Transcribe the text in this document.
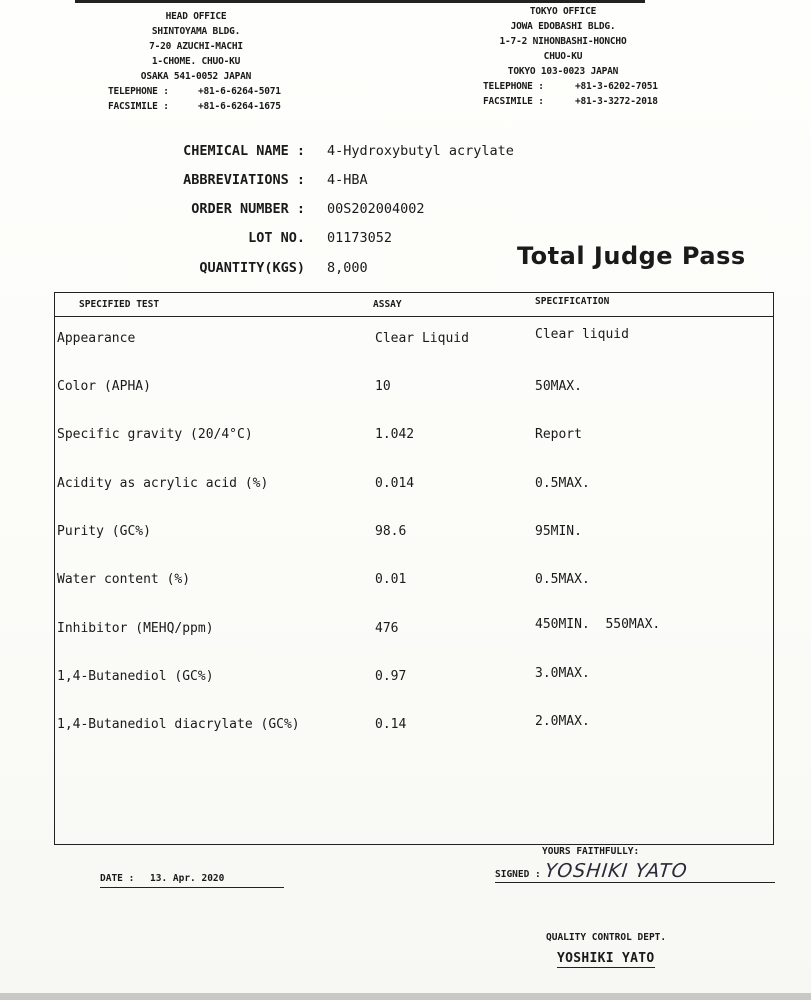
HEAD OFFICE
SHINTOYAMA BLDG.
7-20 AZUCHI-MACHI
1-CHOME. CHUO-KU
OSAKA 541-0052 JAPAN
TELEPHONE :	+81-6-6264-5071
FACSIMILE :	+81-6-6264-1675
TOKYO OFFICE
JOWA EDOBASHI BLDG.
1-7-2 NIHONBASHI-HONCHO
CHUO-KU
TOKYO 103-0023 JAPAN
TELEPHONE :	+81-3-6202-7051
FACSIMILE :	+81-3-3272-2018
CHEMICAL NAME : 4-Hydroxybutyl acrylate
ABBREVIATIONS : 4-HBA
ORDER NUMBER : 00S202004002
LOT NO. 01173052
QUANTITY(KGS) 8,000	Total Judge Pass
SPECIFIED TEST	ASSAY	SPECIFICATION
Appearance	Clear Liquid	Clear liquid
Color (APHA)	10	50MAX.
Specific gravity (20/4°C)	1.042	Report
Acidity as acrylic acid (%)	0.014	0.5MAX.
Purity (GC%)	98.6	95MIN.
Water content (%)	0.01	0.5MAX.
Inhibitor (MEHQ/ppm)	476	450MIN.  550MAX.
1,4-Butanediol (GC%)	0.97	3.0MAX.
1,4-Butanediol diacrylate (GC%)	0.14	2.0MAX.
DATE : 13. Apr. 2020
YOURS FAITHFULLY:
SIGNED : YOSHIKI YATO
QUALITY CONTROL DEPT.
YOSHIKI YATO
